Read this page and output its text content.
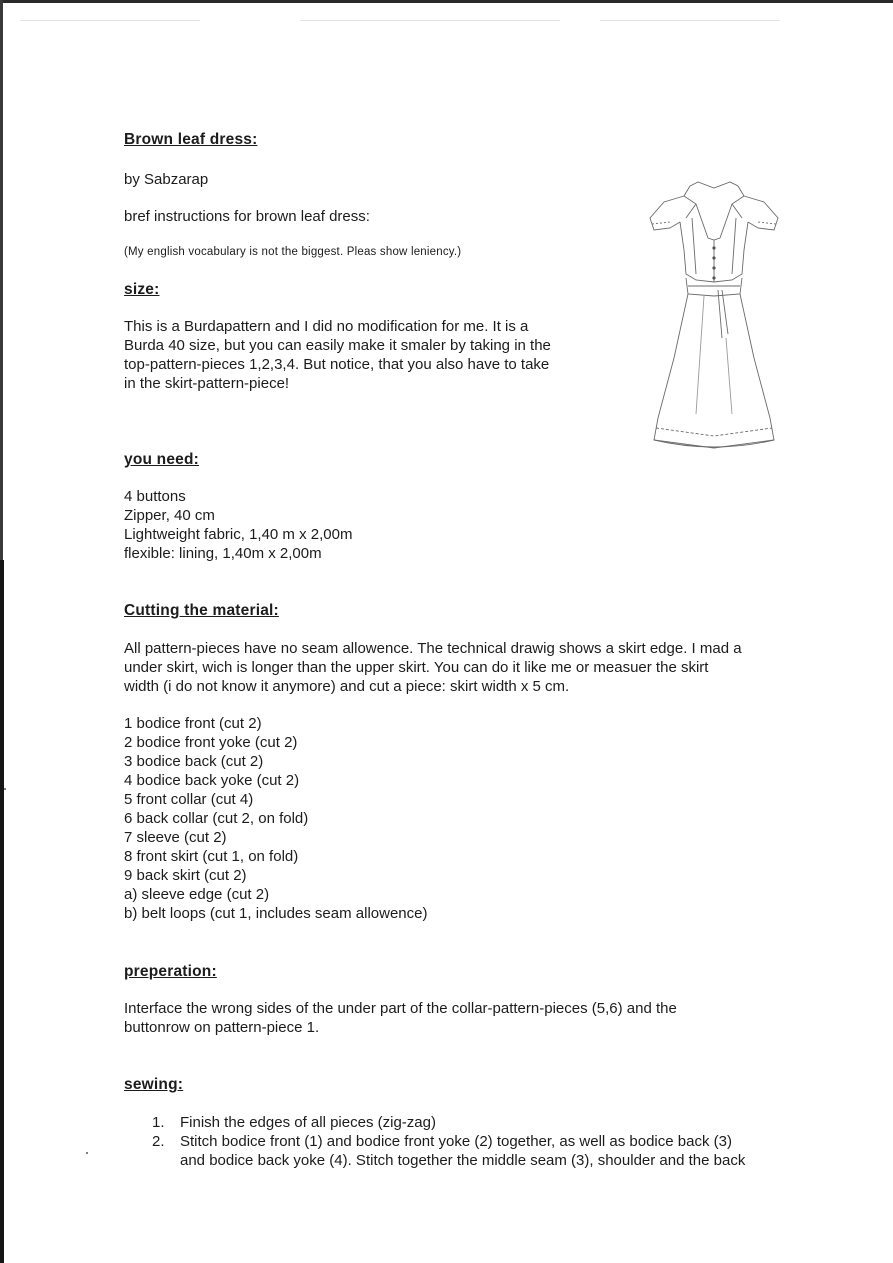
Brown leaf dress:

by Sabzarap

bref instructions for brown leaf dress:

(My english vocabulary is not the biggest. Pleas show leniency.)

size:
This is a Burdapattern and I did no modification for me. It is a
Burda 40 size, but you can easily make it smaler by taking in the
top-pattern-pieces 1,2,3,4. But notice, that you also have to take
in the skirt-pattern-piece!
you need:
4 buttons
Zipper, 40 cm
Lightweight fabric, 1,40 m x 2,00m
flexible: lining, 1,40m x 2,00m
Cutting the material:
All pattern-pieces have no seam allowence. The technical drawig shows a skirt edge. I mad a
under skirt, wich is longer than the upper skirt. You can do it like me or measuer the skirt
width (i do not know it anymore) and cut a piece: skirt width x 5 cm.
1 bodice front (cut 2)
2 bodice front yoke (cut 2)
3 bodice back (cut 2)
4 bodice back yoke (cut 2)
5 front collar (cut 4)
6 back collar (cut 2, on fold)
7 sleeve (cut 2)
8 front skirt (cut 1, on fold)
9 back skirt (cut 2)
a) sleeve edge (cut 2)
b) belt loops (cut 1, includes seam allowence)
preperation:
Interface the wrong sides of the under part of the collar-pattern-pieces (5,6) and the
buttonrow on pattern-piece 1.
sewing:
1. Finish the edges of all pieces (zig-zag)
2. Stitch bodice front (1) and bodice front yoke (2) together, as well as bodice back (3)
and bodice back yoke (4). Stitch together the middle seam (3), shoulder and the back
